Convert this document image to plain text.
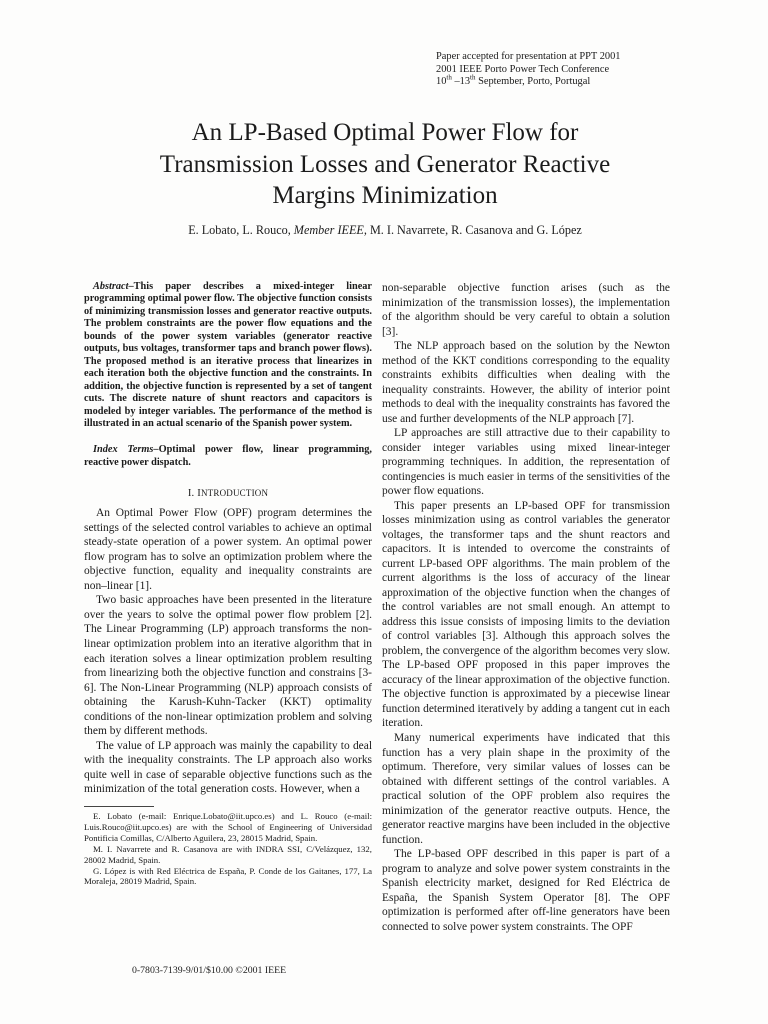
Paper accepted for presentation at PPT 2001
2001 IEEE Porto Power Tech Conference
10th –13th September, Porto, Portugal
An LP-Based Optimal Power Flow for
Transmission Losses and Generator Reactive
Margins Minimization
E. Lobato, L. Rouco, Member IEEE, M. I. Navarrete, R. Casanova and G. López

Abstract–This paper describes a mixed-integer linear programming optimal power flow. The objective function consists of minimizing transmission losses and generator reactive outputs. The problem constraints are the power flow equations and the bounds of the power system variables (generator reactive outputs, bus voltages, transformer taps and branch power flows). The proposed method is an iterative process that linearizes in each iteration both the objective function and the constraints. In addition, the objective function is represented by a set of tangent cuts. The discrete nature of shunt reactors and capacitors is modeled by integer variables. The performance of the method is illustrated in an actual scenario of the Spanish power system.

Index Terms–Optimal power flow, linear programming, reactive power dispatch.

I. INTRODUCTION

An Optimal Power Flow (OPF) program determines the settings of the selected control variables to achieve an optimal steady-state operation of a power system. An optimal power flow program has to solve an optimization problem where the objective function, equality and inequality constraints are non–linear [1].

Two basic approaches have been presented in the literature over the years to solve the optimal power flow problem [2]. The Linear Programming (LP) approach transforms the non-linear optimization problem into an iterative algorithm that in each iteration solves a linear optimization problem resulting from linearizing both the objective function and constrains [3-6]. The Non-Linear Programming (NLP) approach consists of obtaining the Karush-Kuhn-Tacker (KKT) optimality conditions of the non-linear optimization problem and solving them by different methods.

The value of LP approach was mainly the capability to deal with the inequality constraints. The LP approach also works quite well in case of separable objective functions such as the minimization of the total generation costs. However, when a

E. Lobato (e-mail: Enrique.Lobato@iit.upco.es) and L. Rouco (e-mail: Luis.Rouco@iit.upco.es) are with the School of Engineering of Universidad Pontificia Comillas, C/Alberto Aguilera, 23, 28015 Madrid, Spain.

M. I. Navarrete and R. Casanova are with INDRA SSI, C/Velázquez, 132, 28002 Madrid, Spain.

G. López is with Red Eléctrica de España, P. Conde de los Gaitanes, 177, La Moraleja, 28019 Madrid, Spain.

non-separable objective function arises (such as the minimization of the transmission losses), the implementation of the algorithm should be very careful to obtain a solution [3].

The NLP approach based on the solution by the Newton method of the KKT conditions corresponding to the equality constraints exhibits difficulties when dealing with the inequality constraints. However, the ability of interior point methods to deal with the inequality constraints has favored the use and further developments of the NLP approach [7].

LP approaches are still attractive due to their capability to consider integer variables using mixed linear-integer programming techniques. In addition, the representation of contingencies is much easier in terms of the sensitivities of the power flow equations.

This paper presents an LP-based OPF for transmission losses minimization using as control variables the generator voltages, the transformer taps and the shunt reactors and capacitors. It is intended to overcome the constraints of current LP-based OPF algorithms. The main problem of the current algorithms is the loss of accuracy of the linear approximation of the objective function when the changes of the control variables are not small enough. An attempt to address this issue consists of imposing limits to the deviation of control variables [3]. Although this approach solves the problem, the convergence of the algorithm becomes very slow. The LP-based OPF proposed in this paper improves the accuracy of the linear approximation of the objective function. The objective function is approximated by a piecewise linear function determined iteratively by adding a tangent cut in each iteration.

Many numerical experiments have indicated that this function has a very plain shape in the proximity of the optimum. Therefore, very similar values of losses can be obtained with different settings of the control variables. A practical solution of the OPF problem also requires the minimization of the generator reactive outputs. Hence, the generator reactive margins have been included in the objective function.

The LP-based OPF described in this paper is part of a program to analyze and solve power system constraints in the Spanish electricity market, designed for Red Eléctrica de España, the Spanish System Operator [8]. The OPF optimization is performed after off-line generators have been connected to solve power system constraints. The OPF

0-7803-7139-9/01/$10.00 ©2001 IEEE
